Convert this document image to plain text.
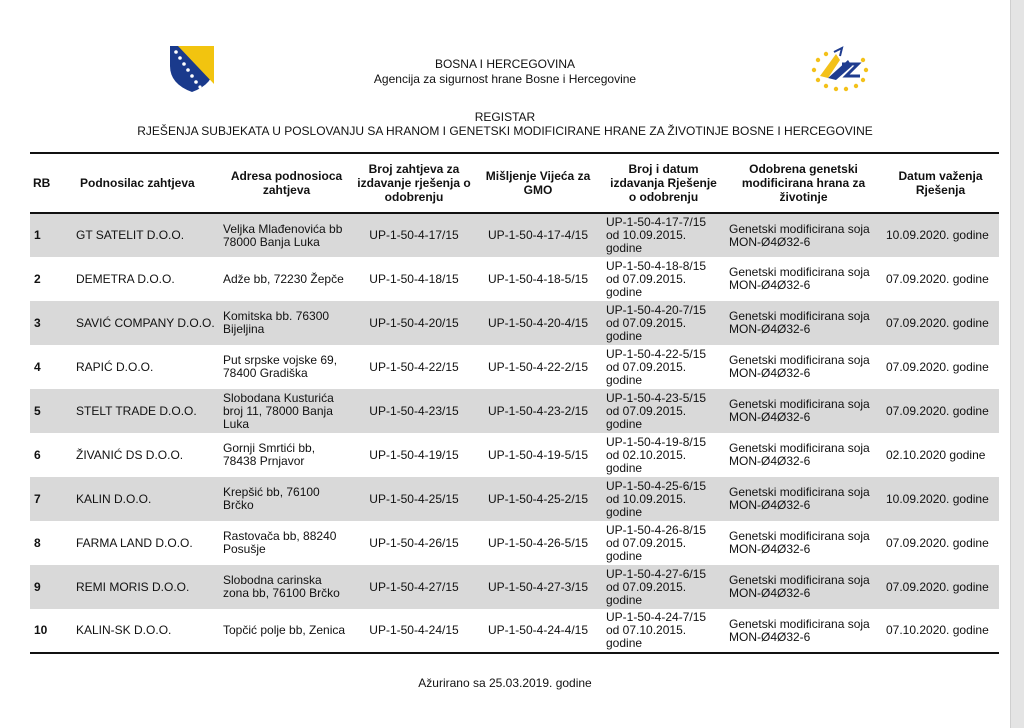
BOSNA I HERCEGOVINA
Agencija za sigurnost hrane Bosne i Hercegovine
REGISTAR
RJEŠENJA SUBJEKATA U POSLOVANJU SA HRANOM I GENETSKI MODIFICIRANE HRANE ZA ŽIVOTINJE BOSNE I HERCEGOVINE
RB	Podnosilac zahtjeva	Adresa podnosioca zahtjeva	Broj zahtjeva za izdavanje rješenja o odobrenju	Mišljenje Vijeća za GMO	Broj i datum izdavanja Rješenje o odobrenju	Odobrena genetski modificirana hrana za životinje	Datum važenja Rješenja
1	GT SATELIT D.O.O.	Veljka Mlađenovića bb 78000 Banja Luka	UP-1-50-4-17/15	UP-1-50-4-17-4/15	UP-1-50-4-17-7/15
od 10.09.2015.
godine	Genetski modificirana soja MON-Ø4Ø32-6	10.09.2020. godine
2	DEMETRA D.O.O.	Adže bb, 72230 Žepče	UP-1-50-4-18/15	UP-1-50-4-18-5/15	UP-1-50-4-18-8/15
od 07.09.2015.
godine	Genetski modificirana soja MON-Ø4Ø32-6	07.09.2020. godine
3	SAVIĆ COMPANY D.O.O.	Komitska bb. 76300 Bijeljina	UP-1-50-4-20/15	UP-1-50-4-20-4/15	UP-1-50-4-20-7/15
od 07.09.2015.
godine	Genetski modificirana soja MON-Ø4Ø32-6	07.09.2020. godine
4	RAPIĆ D.O.O.	Put srpske vojske 69, 78400 Gradiška	UP-1-50-4-22/15	UP-1-50-4-22-2/15	UP-1-50-4-22-5/15
od 07.09.2015.
godine	Genetski modificirana soja MON-Ø4Ø32-6	07.09.2020. godine
5	STELT TRADE D.O.O.	Slobodana Kusturića broj 11, 78000 Banja Luka	UP-1-50-4-23/15	UP-1-50-4-23-2/15	UP-1-50-4-23-5/15
od 07.09.2015.
godine	Genetski modificirana soja MON-Ø4Ø32-6	07.09.2020. godine
6	ŽIVANIĆ DS D.O.O.	Gornji Smrtići bb, 78438 Prnjavor	UP-1-50-4-19/15	UP-1-50-4-19-5/15	UP-1-50-4-19-8/15
od 02.10.2015.
godine	Genetski modificirana soja MON-Ø4Ø32-6	02.10.2020 godine
7	KALIN D.O.O.	Krepšić bb, 76100 Brčko	UP-1-50-4-25/15	UP-1-50-4-25-2/15	UP-1-50-4-25-6/15
od 10.09.2015.
godine	Genetski modificirana soja MON-Ø4Ø32-6	10.09.2020. godine
8	FARMA LAND D.O.O.	Rastovača bb, 88240 Posušje	UP-1-50-4-26/15	UP-1-50-4-26-5/15	UP-1-50-4-26-8/15
od 07.09.2015.
godine	Genetski modificirana soja MON-Ø4Ø32-6	07.09.2020. godine
9	REMI MORIS D.O.O.	Slobodna carinska zona bb, 76100 Brčko	UP-1-50-4-27/15	UP-1-50-4-27-3/15	UP-1-50-4-27-6/15
od 07.09.2015.
godine	Genetski modificirana soja MON-Ø4Ø32-6	07.09.2020. godine
10	KALIN-SK D.O.O.	Topčić polje bb, Zenica	UP-1-50-4-24/15	UP-1-50-4-24-4/15	UP-1-50-4-24-7/15
od 07.10.2015.
godine	Genetski modificirana soja MON-Ø4Ø32-6	07.10.2020. godine
Ažurirano sa 25.03.2019. godine
